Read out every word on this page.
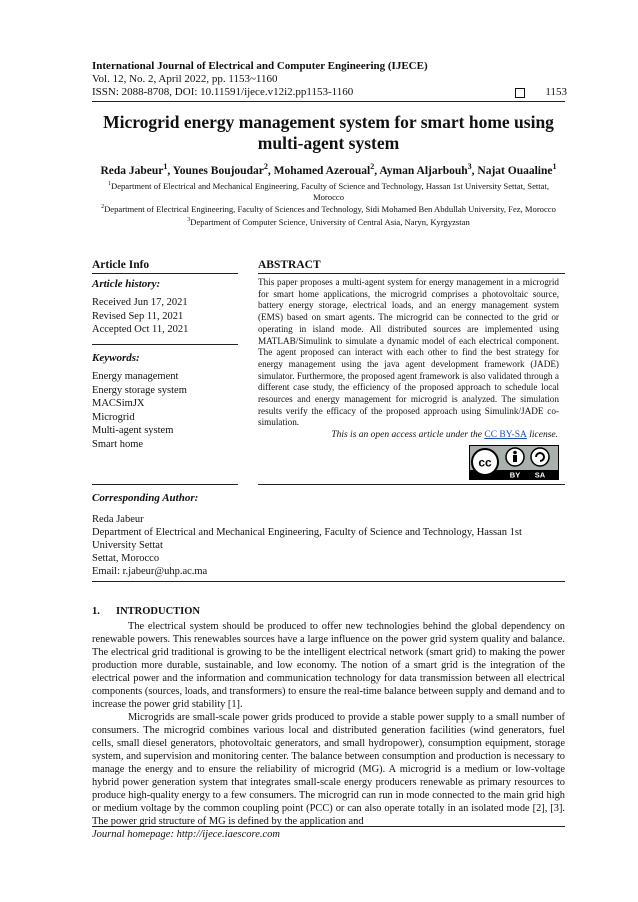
International Journal of Electrical and Computer Engineering (IJECE)
Vol. 12, No. 2, April 2022, pp. 1153~1160
ISSN: 2088-8708, DOI: 10.11591/ijece.v12i2.pp1153-1160	1153
Microgrid energy management system for smart home using
multi-agent system
Reda Jabeur$^1$, Younes Boujoudar$^2$, Mohamed Azeroual$^2$, Ayman Aljarbouh$^3$, Najat Ouaaline$^1$
$^1$Department of Electrical and Mechanical Engineering, Faculty of Science and Technology, Hassan 1st University Settat, Settat,
Morocco
$^2$Department of Electrical Engineering, Faculty of Sciences and Technology, Sidi Mohamed Ben Abdullah University, Fez, Morocco
$^3$Department of Computer Science, University of Central Asia, Naryn, Kyrgyzstan
Article Info
Article history:
Received Jun 17, 2021
Revised Sep 11, 2021
Accepted Oct 11, 2021
Keywords:
Energy management
Energy storage system
MACSimJX
Microgrid
Multi-agent system
Smart home
ABSTRACT
This paper proposes a multi-agent system for energy management in a microgrid for smart home applications, the microgrid comprises a photovoltaic source, battery energy storage, electrical loads, and an energy management system (EMS) based on smart agents. The microgrid can be connected to the grid or operating in island mode. All distributed sources are implemented using MATLAB/Simulink to simulate a dynamic model of each electrical component. The agent proposed can interact with each other to find the best strategy for energy management using the java agent development framework (JADE) simulator. Furthermore, the proposed agent framework is also validated through a different case study, the efficiency of the proposed approach to schedule local resources and energy management for microgrid is analyzed. The simulation results verify the efficacy of the proposed approach using Simulink/JADE co-simulation.
This is an open access article under the CC BY-SA license.
cc
BY SA
Corresponding Author:
Reda Jabeur
Department of Electrical and Mechanical Engineering, Faculty of Science and Technology, Hassan 1st
University Settat
Settat, Morocco
Email: r.jabeur@uhp.ac.ma
1. INTRODUCTION

The electrical system should be produced to offer new technologies behind the global dependency on renewable powers. This renewables sources have a large influence on the power grid system quality and balance. The electrical grid traditional is growing to be the intelligent electrical network (smart grid) to making the power production more durable, sustainable, and low economy. The notion of a smart grid is the integration of the electrical power and the information and communication technology for data transmission between all electrical components (sources, loads, and transformers) to ensure the real-time balance between supply and demand and to increase the power grid stability [1].

Microgrids are small-scale power grids produced to provide a stable power supply to a small number of consumers. The microgrid combines various local and distributed generation facilities (wind generators, fuel cells, small diesel generators, photovoltaic generators, and small hydropower), consumption equipment, storage system, and supervision and monitoring center. The balance between consumption and production is necessary to manage the energy and to ensure the reliability of microgrid (MG). A microgrid is a medium or low-voltage hybrid power generation system that integrates small-scale energy producers renewable as primary resources to produce high-quality energy to a few consumers. The microgrid can run in mode connected to the main grid high or medium voltage by the common coupling point (PCC) or can also operate totally in an isolated mode [2], [3]. The power grid structure of MG is defined by the application and

Journal homepage: http://ijece.iaescore.com
